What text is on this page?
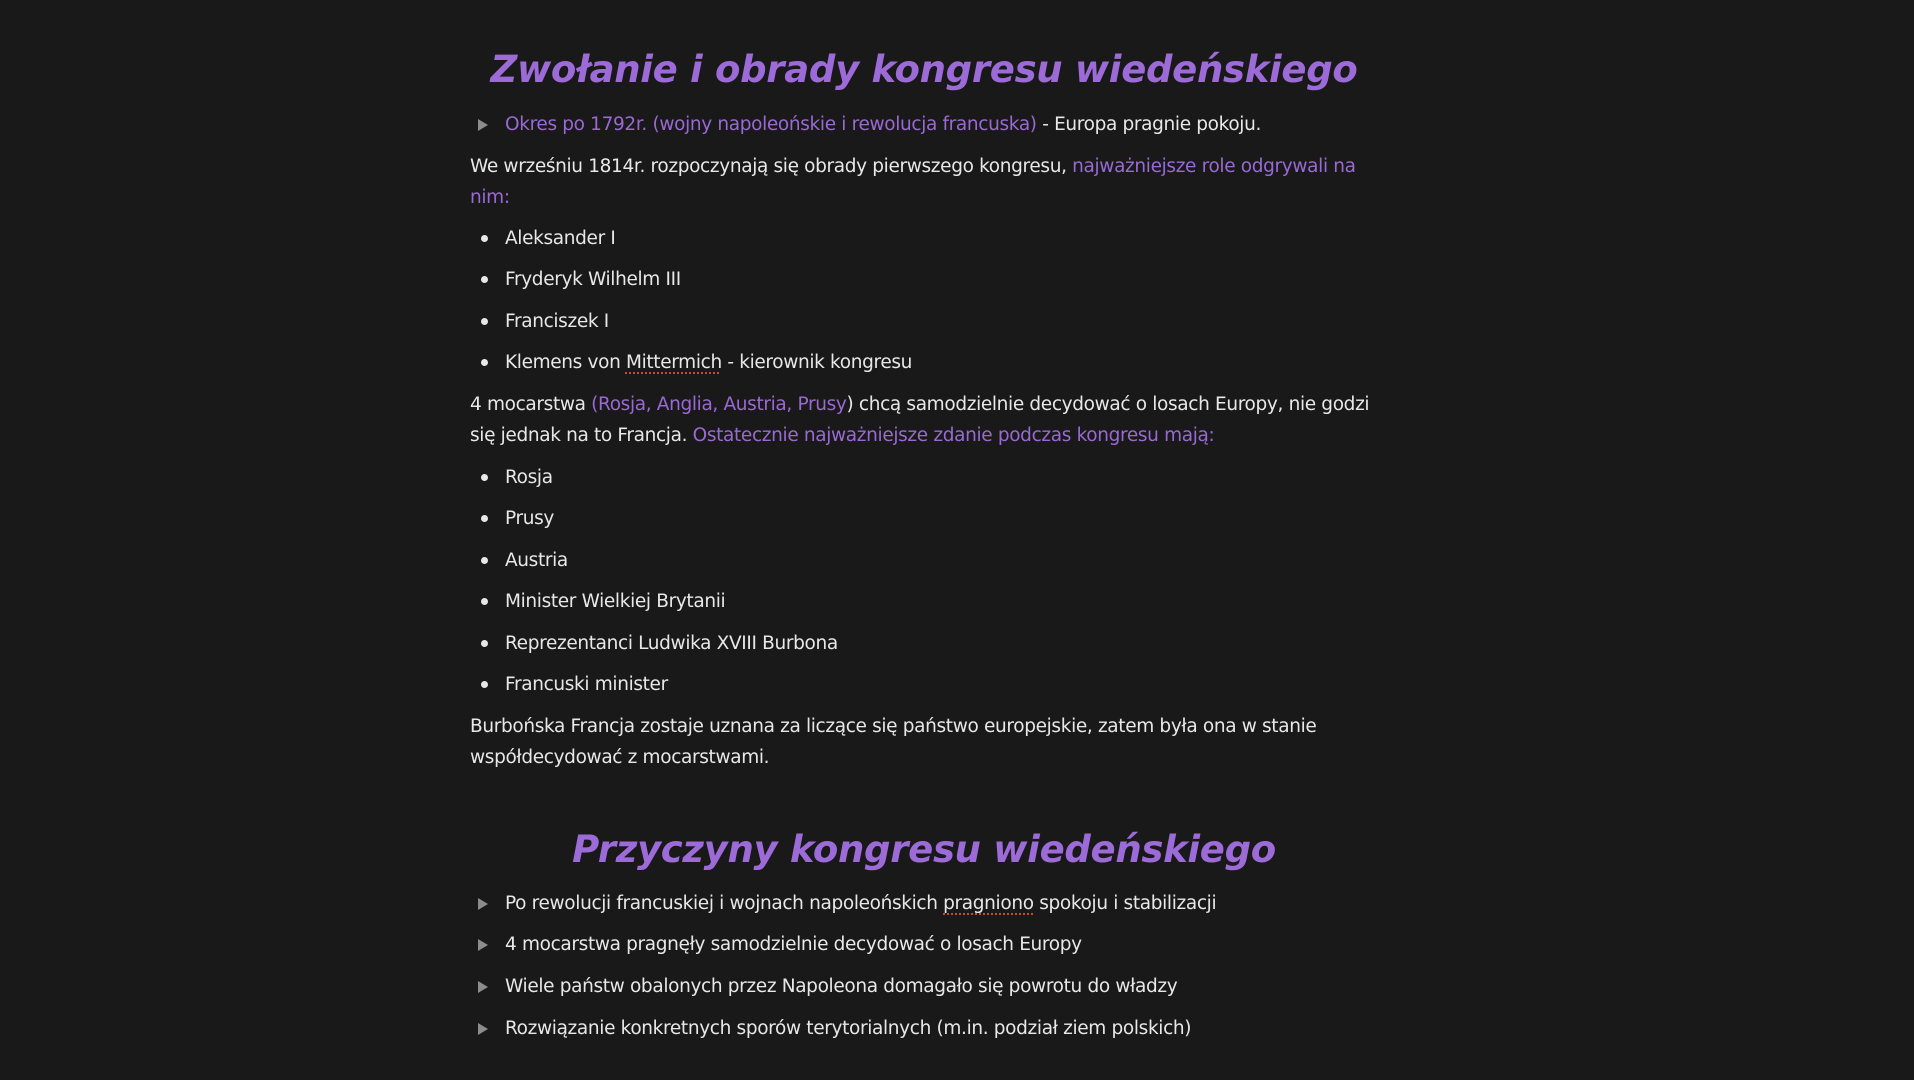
Zwołanie i obrady kongresu wiedeńskiego
Okres po 1792r. (wojny napoleońskie i rewolucja francuska) - Europa pragnie pokoju.
We wrześniu 1814r. rozpoczynają się obrady pierwszego kongresu, najważniejsze role odgrywali na
nim:
Aleksander I
Fryderyk Wilhelm III
Franciszek I
Klemens von Mittermich - kierownik kongresu
4 mocarstwa (Rosja, Anglia, Austria, Prusy) chcą samodzielnie decydować o losach Europy, nie godzi
się jednak na to Francja. Ostatecznie najważniejsze zdanie podczas kongresu mają:
Rosja
Prusy
Austria
Minister Wielkiej Brytanii
Reprezentanci Ludwika XVIII Burbona
Francuski minister
Burbońska Francja zostaje uznana za liczące się państwo europejskie, zatem była ona w stanie
współdecydować z mocarstwami.
Przyczyny kongresu wiedeńskiego
Po rewolucji francuskiej i wojnach napoleońskich pragniono spokoju i stabilizacji
4 mocarstwa pragnęły samodzielnie decydować o losach Europy
Wiele państw obalonych przez Napoleona domagało się powrotu do władzy
Rozwiązanie konkretnych sporów terytorialnych (m.in. podział ziem polskich)
